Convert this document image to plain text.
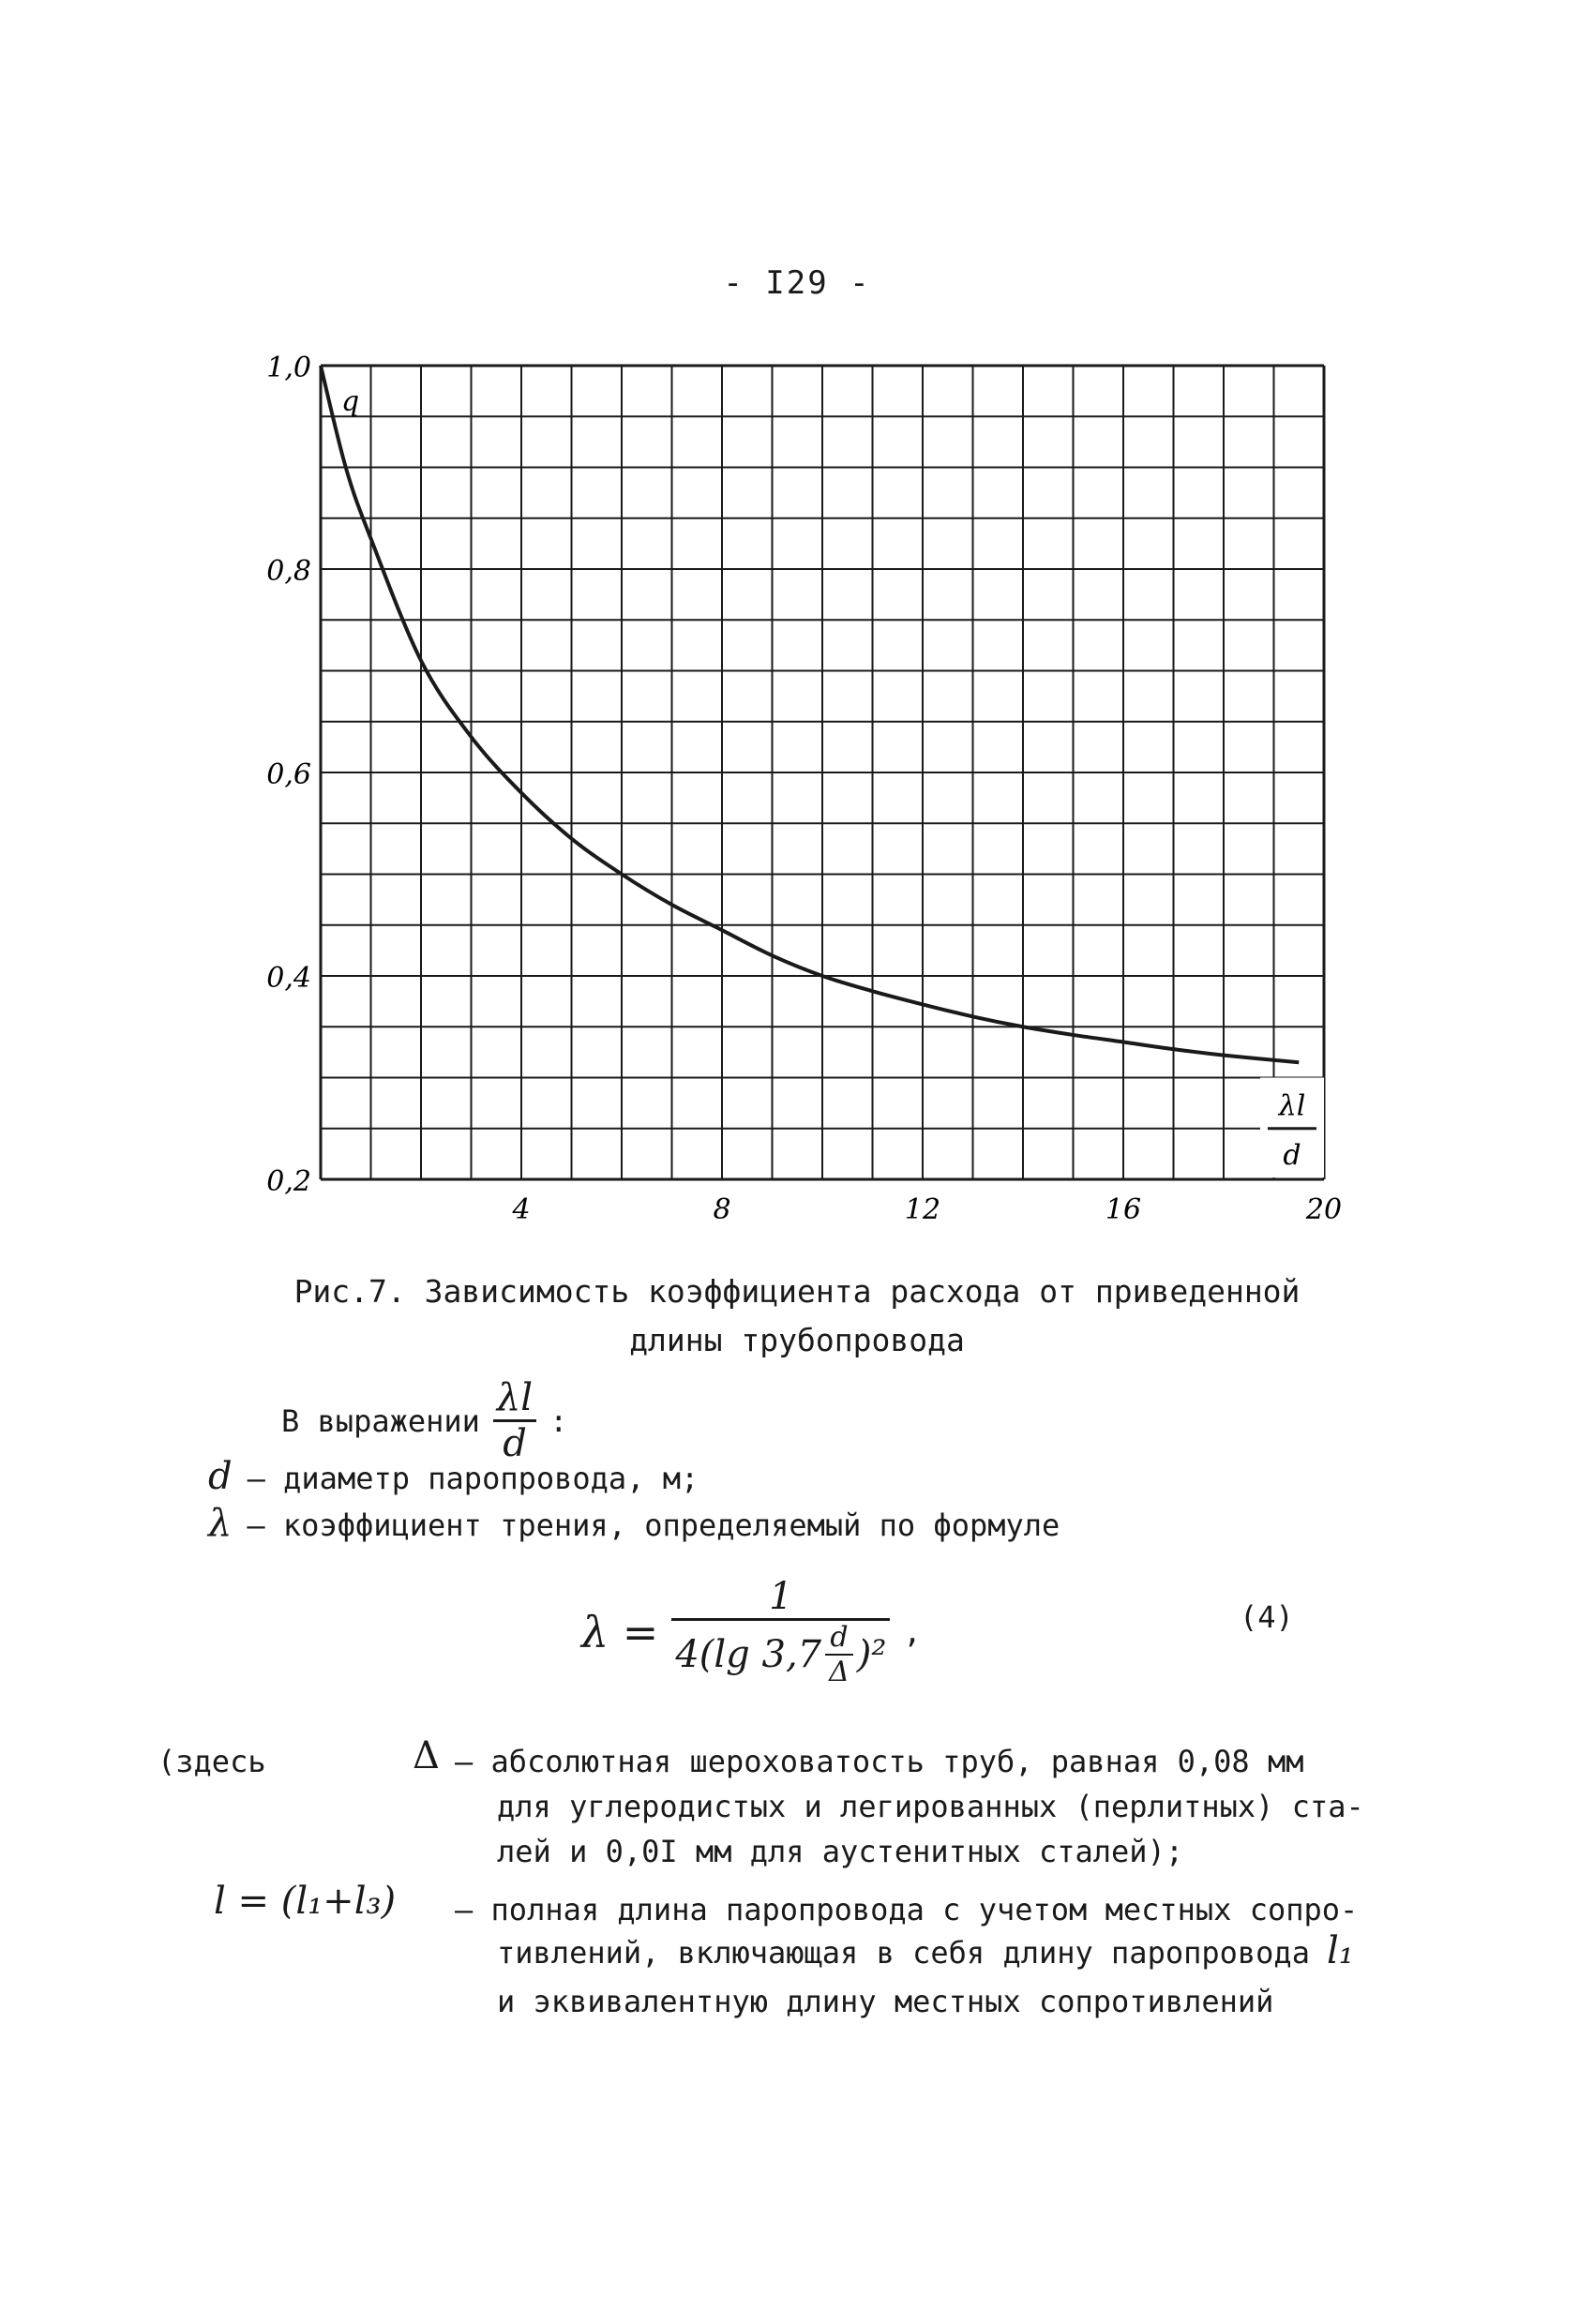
- I29 -
1,0
0,8
0,6
0,4
0,2
4	8	12	16	20
q
λl
d
Рис.7. Зависимость коэффициента расхода от приведенной
длины трубопровода
В выражении $\frac{\lambda l}{d}$ :
d – диаметр паропровода, м;
λ – коэффициент трения, определяемый по формуле
$\lambda = \frac{1}{4(\lg 3,7 \frac{d}{\Delta} )^2}$ ,	(4)
(здесь	Δ – абсолютная шероховатость труб, равная 0,08 мм
для углеродистых и легированных (перлитных) ста-
лей и 0,0I мм для аустенитных сталей);
l = (l₁+l₃) – полная длина паропровода с учетом местных сопро-
тивлений, включающая в себя длину паропровода l₁
и эквивалентную длину местных сопротивлений
